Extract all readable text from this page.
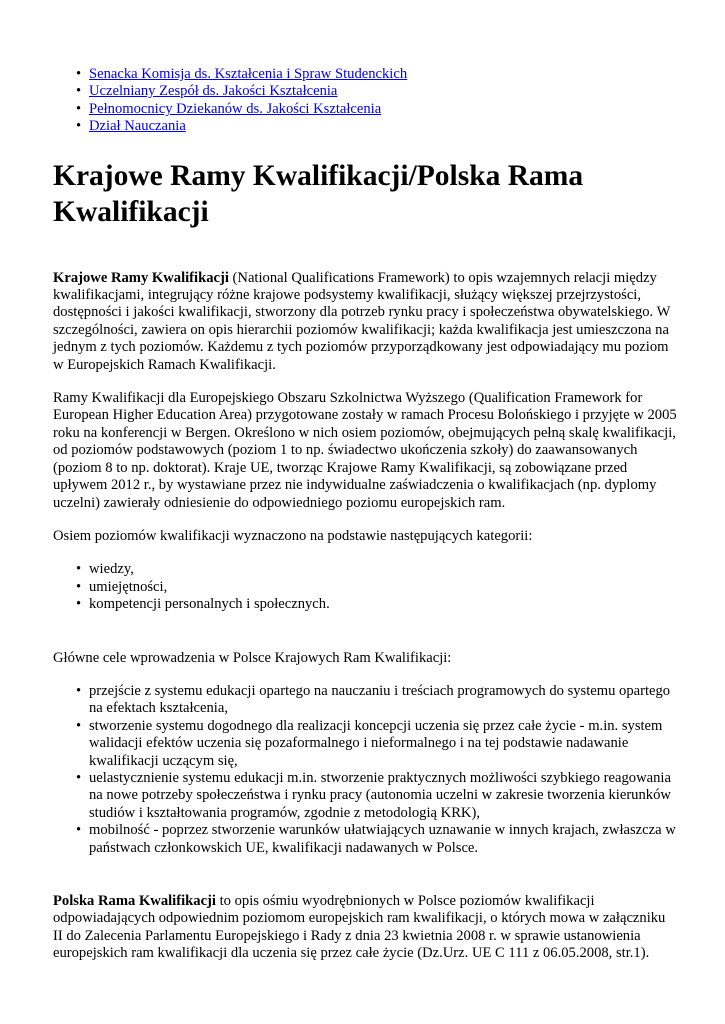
• Senacka Komisja ds. Kształcenia i Spraw Studenckich
• Uczelniany Zespół ds. Jakości Kształcenia
• Pełnomocnicy Dziekanów ds. Jakości Kształcenia
• Dział Nauczania
Krajowe Ramy Kwalifikacji/Polska Rama Kwalifikacji

Krajowe Ramy Kwalifikacji (National Qualifications Framework) to opis wzajemnych relacji między kwalifikacjami, integrujący różne krajowe podsystemy kwalifikacji, służący większej przejrzystości, dostępności i jakości kwalifikacji, stworzony dla potrzeb rynku pracy i społeczeństwa obywatelskiego. W szczególności, zawiera on opis hierarchii poziomów kwalifikacji; każda kwalifikacja jest umieszczona na jednym z tych poziomów. Każdemu z tych poziomów przyporządkowany jest odpowiadający mu poziom w Europejskich Ramach Kwalifikacji.

Ramy Kwalifikacji dla Europejskiego Obszaru Szkolnictwa Wyższego (Qualification Framework for European Higher Education Area) przygotowane zostały w ramach Procesu Bolońskiego i przyjęte w 2005 roku na konferencji w Bergen. Określono w nich osiem poziomów, obejmujących pełną skalę kwalifikacji, od poziomów podstawowych (poziom 1 to np. świadectwo ukończenia szkoły) do zaawansowanych (poziom 8 to np. doktorat). Kraje UE, tworząc Krajowe Ramy Kwalifikacji, są zobowiązane przed upływem 2012 r., by wystawiane przez nie indywidualne zaświadczenia o kwalifikacjach (np. dyplomy uczelni) zawierały odniesienie do odpowiedniego poziomu europejskich ram.

Osiem poziomów kwalifikacji wyznaczono na podstawie następujących kategorii:

• wiedzy,
• umiejętności,
• kompetencji personalnych i społecznych.

Główne cele wprowadzenia w Polsce Krajowych Ram Kwalifikacji:

• przejście z systemu edukacji opartego na nauczaniu i treściach programowych do systemu opartego na efektach kształcenia,
• stworzenie systemu dogodnego dla realizacji koncepcji uczenia się przez całe życie - m.in. system walidacji efektów uczenia się pozaformalnego i nieformalnego i na tej podstawie nadawanie kwalifikacji uczącym się,
• uelastycznienie systemu edukacji m.in. stworzenie praktycznych możliwości szybkiego reagowania na nowe potrzeby społeczeństwa i rynku pracy (autonomia uczelni w zakresie tworzenia kierunków studiów i kształtowania programów, zgodnie z metodologią KRK),
• mobilność - poprzez stworzenie warunków ułatwiających uznawanie w innych krajach, zwłaszcza w państwach członkowskich UE, kwalifikacji nadawanych w Polsce.

Polska Rama Kwalifikacji to opis ośmiu wyodrębnionych w Polsce poziomów kwalifikacji odpowiadających odpowiednim poziomom europejskich ram kwalifikacji, o których mowa w załączniku II do Zalecenia Parlamentu Europejskiego i Rady z dnia 23 kwietnia 2008 r. w sprawie ustanowienia europejskich ram kwalifikacji dla uczenia się przez całe życie (Dz.Urz. UE C 111 z 06.05.2008, str.1).
